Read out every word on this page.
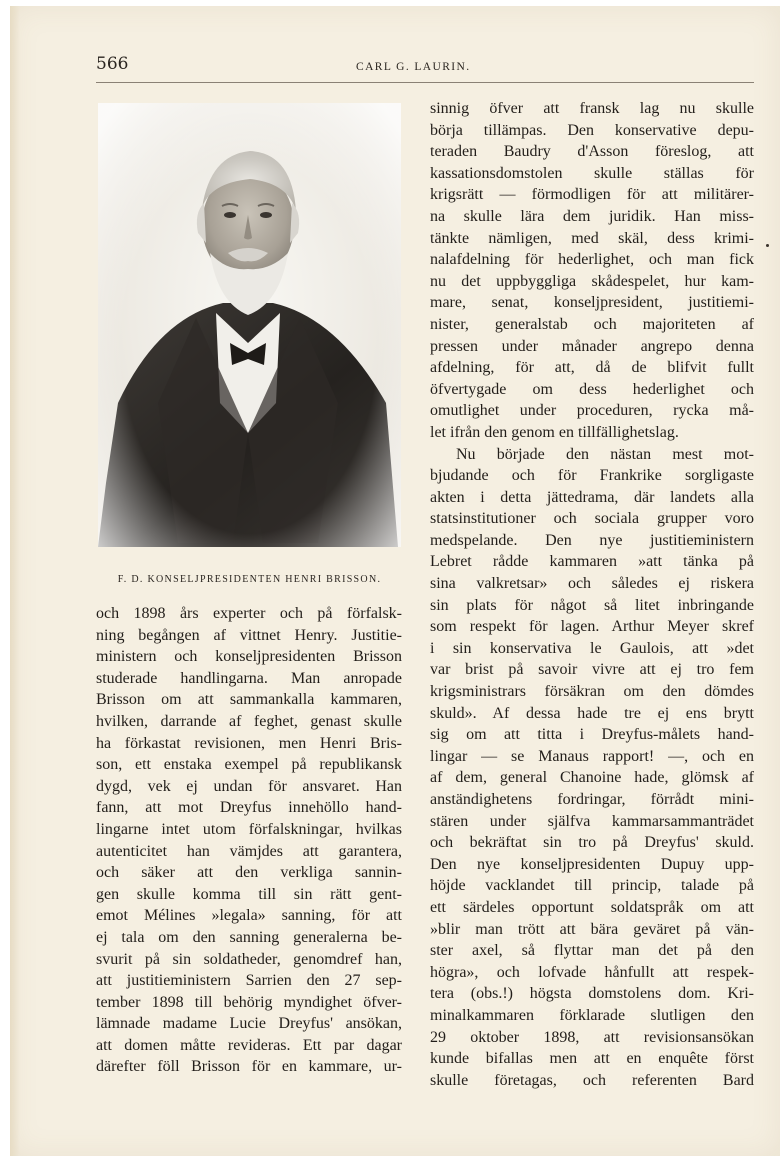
566	CARL G. LAURIN.
F. D. KONSELJPRESIDENTEN HENRI BRISSON.
och 1898 års experter och på förfalsk-
ning begången af vittnet Henry. Justitie-
ministern och konseljpresidenten Brisson
studerade handlingarna. Man anropade
Brisson om att sammankalla kammaren,
hvilken, darrande af feghet, genast skulle
ha förkastat revisionen, men Henri Bris-
son, ett enstaka exempel på republikansk
dygd, vek ej undan för ansvaret. Han
fann, att mot Dreyfus innehöllo hand-
lingarne intet utom förfalskningar, hvilkas
autenticitet han vämjdes att garantera,
och säker att den verkliga sannin-
gen skulle komma till sin rätt gent-
emot Mélines »legala» sanning, för att
ej tala om den sanning generalerna be-
svurit på sin soldatheder, genomdref han,
att justitieministern Sarrien den 27 sep-
tember 1898 till behörig myndighet öfver-
lämnade madame Lucie Dreyfus' ansökan,
att domen måtte revideras. Ett par dagar
därefter föll Brisson för en kammare, ur-
sinnig öfver att fransk lag nu skulle
börja tillämpas. Den konservative depu-
teraden Baudry d'Asson föreslog, att
kassationsdomstolen skulle ställas för
krigsrätt — förmodligen för att militärer-
na skulle lära dem juridik. Han miss-
tänkte nämligen, med skäl, dess krimi-
nalafdelning för hederlighet, och man fick
nu det uppbyggliga skådespelet, hur kam-
mare, senat, konseljpresident, justitiemi-
nister, generalstab och majoriteten af
pressen under månader angrepo denna
afdelning, för att, då de blifvit fullt
öfvertygade om dess hederlighet och
omutlighet under proceduren, rycka må-
let ifrån den genom en tillfällighetslag.
Nu började den nästan mest mot-
bjudande och för Frankrike sorgligaste
akten i detta jättedrama, där landets alla
statsinstitutioner och sociala grupper voro
medspelande. Den nye justitieministern
Lebret rådde kammaren »att tänka på
sina valkretsar» och således ej riskera
sin plats för något så litet inbringande
som respekt för lagen. Arthur Meyer skref
i sin konservativa le Gaulois, att »det
var brist på savoir vivre att ej tro fem
krigsministrars försäkran om den dömdes
skuld». Af dessa hade tre ej ens brytt
sig om att titta i Dreyfus-målets hand-
lingar — se Manaus rapport! —, och en
af dem, general Chanoine hade, glömsk af
anständighetens fordringar, förrådt mini-
stären under själfva kammarsammanträdet
och bekräftat sin tro på Dreyfus' skuld.
Den nye konseljpresidenten Dupuy upp-
höjde vacklandet till princip, talade på
ett särdeles opportunt soldatspråk om att
»blir man trött att bära geväret på vän-
ster axel, så flyttar man det på den
högra», och lofvade hånfullt att respek-
tera (obs.!) högsta domstolens dom. Kri-
minalkammaren förklarade slutligen den
29 oktober 1898, att revisionsansökan
kunde bifallas men att en enquête först
skulle företagas, och referenten Bard
